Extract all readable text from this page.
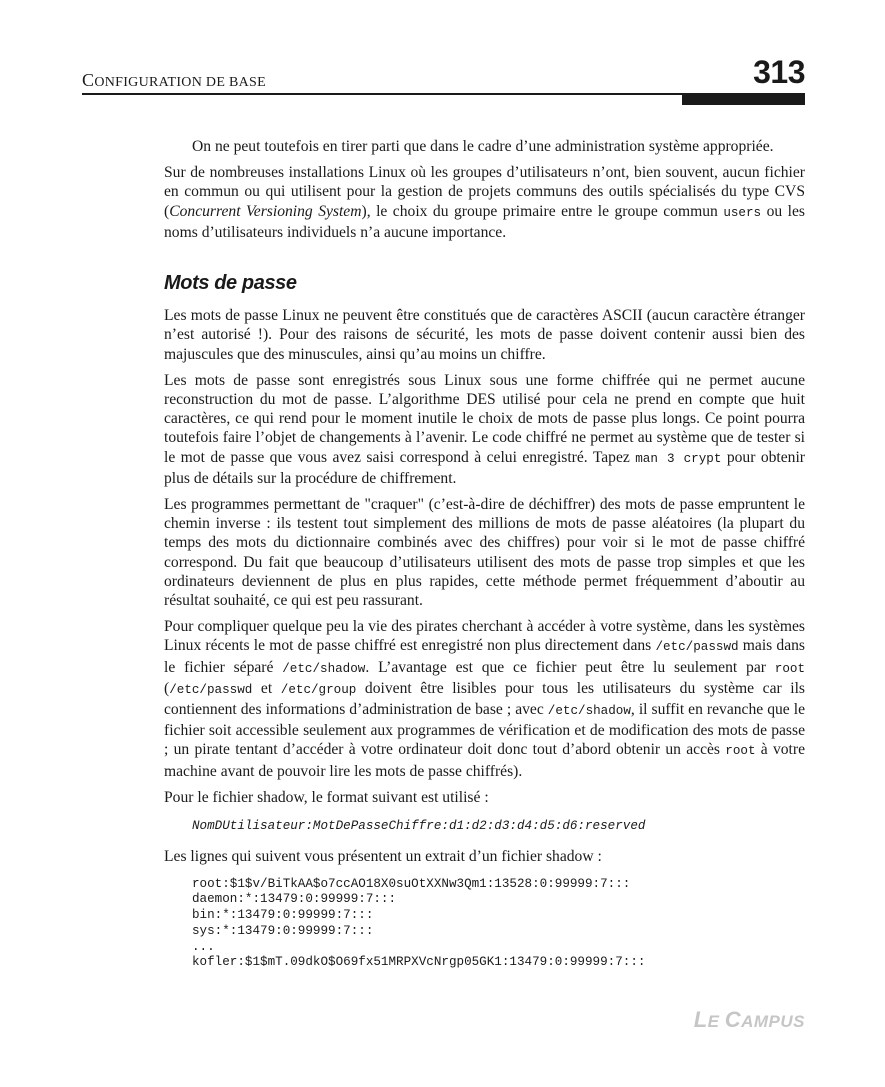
CONFIGURATION DE BASE	313

On ne peut toutefois en tirer parti que dans le cadre d’une administration système appropriée.

Sur de nombreuses installations Linux où les groupes d’utilisateurs n’ont, bien souvent, aucun fichier en commun ou qui utilisent pour la gestion de projets communs des outils spécialisés du type CVS (Concurrent Versioning System), le choix du groupe primaire entre le groupe commun users ou les noms d’utilisateurs individuels n’a aucune importance.

Mots de passe

Les mots de passe Linux ne peuvent être constitués que de caractères ASCII (aucun caractère étranger n’est autorisé !). Pour des raisons de sécurité, les mots de passe doivent contenir aussi bien des majuscules que des minuscules, ainsi qu’au moins un chiffre.

Les mots de passe sont enregistrés sous Linux sous une forme chiffrée qui ne permet aucune reconstruction du mot de passe. L’algorithme DES utilisé pour cela ne prend en compte que huit caractères, ce qui rend pour le moment inutile le choix de mots de passe plus longs. Ce point pourra toutefois faire l’objet de changements à l’avenir. Le code chiffré ne permet au système que de tester si le mot de passe que vous avez saisi correspond à celui enregistré. Tapez man 3 crypt pour obtenir plus de détails sur la procédure de chiffrement.

Les programmes permettant de "craquer" (c’est-à-dire de déchiffrer) des mots de passe empruntent le chemin inverse : ils testent tout simplement des millions de mots de passe aléatoires (la plupart du temps des mots du dictionnaire combinés avec des chiffres) pour voir si le mot de passe chiffré correspond. Du fait que beaucoup d’utilisateurs utilisent des mots de passe trop simples et que les ordinateurs deviennent de plus en plus rapides, cette méthode permet fréquemment d’aboutir au résultat souhaité, ce qui est peu rassurant.

Pour compliquer quelque peu la vie des pirates cherchant à accéder à votre système, dans les systèmes Linux récents le mot de passe chiffré est enregistré non plus directement dans /etc/passwd mais dans le fichier séparé /etc/shadow. L’avantage est que ce fichier peut être lu seulement par root (/etc/passwd et /etc/group doivent être lisibles pour tous les utilisateurs du système car ils contiennent des informations d’administration de base ; avec /etc/shadow, il suffit en revanche que le fichier soit accessible seulement aux programmes de vérification et de modification des mots de passe ; un pirate tentant d’accéder à votre ordinateur doit donc tout d’abord obtenir un accès root à votre machine avant de pouvoir lire les mots de passe chiffrés).

Pour le fichier shadow, le format suivant est utilisé :

NomDUtilisateur:MotDePasseChiffre:d1:d2:d3:d4:d5:d6:reserved

Les lignes qui suivent vous présentent un extrait d’un fichier shadow :

root:$1$v/BiTkAA$o7ccAO18X0suOtXXNw3Qm1:13528:0:99999:7:::
daemon:*:13479:0:99999:7:::
bin:*:13479:0:99999:7:::
sys:*:13479:0:99999:7:::
...
kofler:$1$mT.09dkO$O69fx51MRPXVcNrgp05GK1:13479:0:99999:7:::
LE CAMPUS
